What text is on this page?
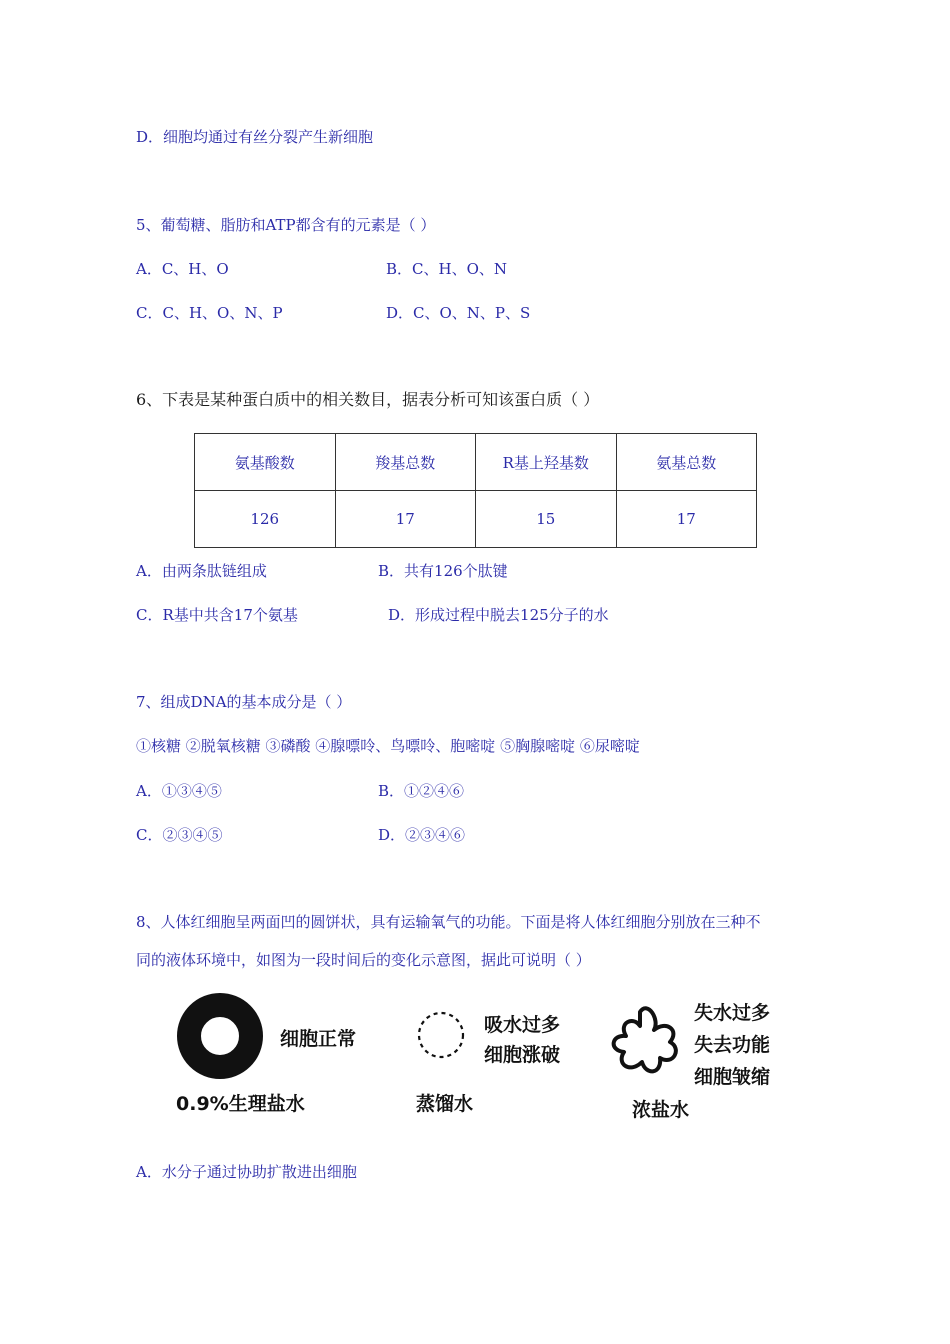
D．细胞均通过有丝分裂产生新细胞
5、葡萄糖、脂肪和ATP都含有的元素是（ ）
A．C、H、O	B．C、H、O、N
C．C、H、O、N、P	D．C、O、N、P、S
6、下表是某种蛋白质中的相关数目，据表分析可知该蛋白质（ ）
氨基酸数	羧基总数	R基上羟基数	氨基总数
126	17	15	17
A．由两条肽链组成	B．共有126个肽键
C．R基中共含17个氨基	D．形成过程中脱去125分子的水
7、组成DNA的基本成分是（ ）
①核糖 ②脱氧核糖 ③磷酸 ④腺嘌呤、鸟嘌呤、胞嘧啶 ⑤胸腺嘧啶 ⑥尿嘧啶
A．①③④⑤	B．①②④⑥
C．②③④⑤	D．②③④⑥
8、人体红细胞呈两面凹的圆饼状，具有运输氧气的功能。下面是将人体红细胞分别放在三种不
同的液体环境中，如图为一段时间后的变化示意图，据此可说明（ ）
细胞正常
0.9%生理盐水
吸水过多
细胞涨破
蒸馏水
失水过多
失去功能
细胞皱缩
浓盐水
A．水分子通过协助扩散进出细胞
